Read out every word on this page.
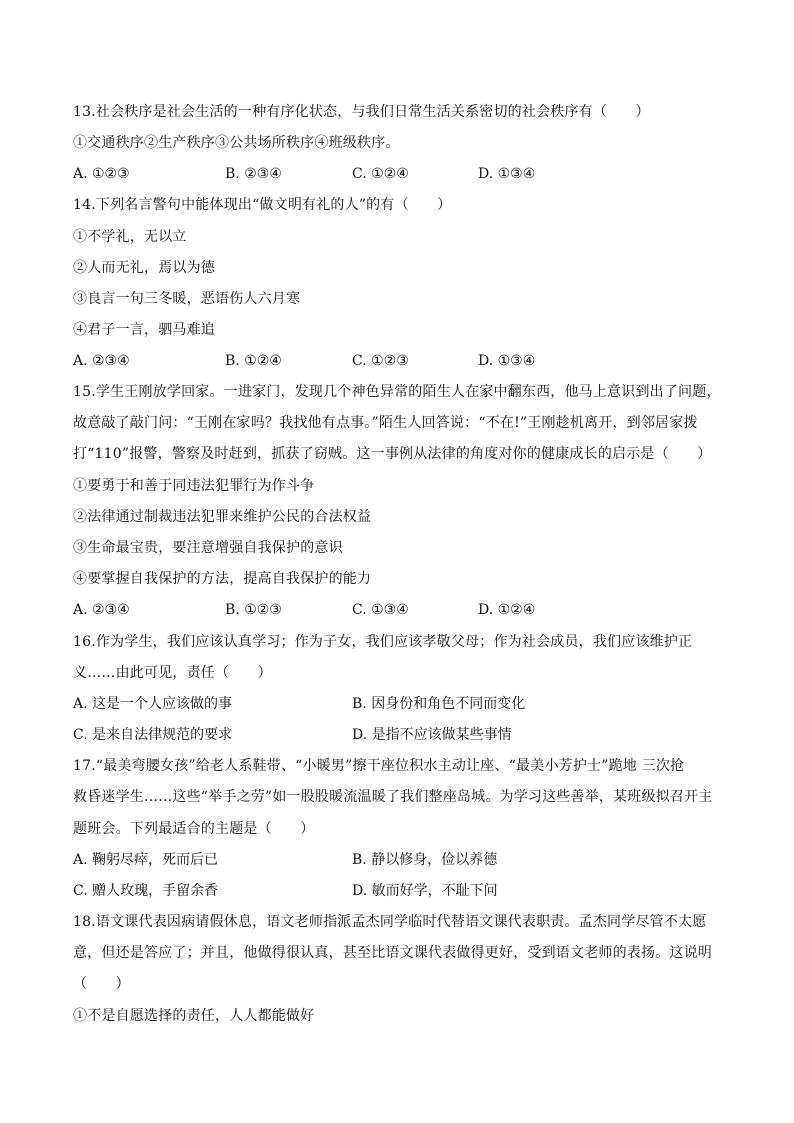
13.社会秩序是社会生活的一种有序化状态，与我们日常生活关系密切的社会秩序有（　　）
①交通秩序②生产秩序③公共场所秩序④班级秩序。
A. ①②③	B. ②③④	C. ①②④	D. ①③④
14.下列名言警句中能体现出“做文明有礼的人”的有（　　）
①不学礼，无以立
②人而无礼，焉以为德
③良言一句三冬暖，恶语伤人六月寒
④君子一言，驷马难追
A. ②③④	B. ①②④	C. ①②③	D. ①③④
15.学生王刚放学回家。一进家门，发现几个神色异常的陌生人在家中翻东西，他马上意识到出了问题，
故意敲了敲门问：“王刚在家吗？我找他有点事。”陌生人回答说：“不在!”王刚趁机离开，到邻居家拨
打“110”报警，警察及时赶到，抓获了窃贼。这一事例从法律的角度对你的健康成长的启示是（　　）
①要勇于和善于同违法犯罪行为作斗争
②法律通过制裁违法犯罪来维护公民的合法权益
③生命最宝贵，要注意增强自我保护的意识
④要掌握自我保护的方法，提高自我保护的能力
A. ②③④	B. ①②③	C. ①③④	D. ①②④
16.作为学生，我们应该认真学习；作为子女，我们应该孝敬父母；作为社会成员，我们应该维护正
义……由此可见，责任（　　）
A. 这是一个人应该做的事	B. 因身份和角色不同而变化
C. 是来自法律规范的要求	D. 是指不应该做某些事情
17.“最美弯腰女孩”给老人系鞋带、“小暖男”擦干座位积水主动让座、“最美小芳护士”跪地 三次抢
救昏迷学生……这些“举手之劳”如一股股暖流温暖了我们整座岛城。为学习这些善举，某班级拟召开主
题班会。下列最适合的主题是（　　）
A. 鞠躬尽瘁，死而后已	B. 静以修身，俭以养德
C. 赠人玫瑰，手留余香	D. 敏而好学，不耻下问
18.语文课代表因病请假休息，语文老师指派孟杰同学临时代替语文课代表职责。孟杰同学尽管不太愿
意，但还是答应了；并且，他做得很认真，甚至比语文课代表做得更好，受到语文老师的表扬。这说明
（　　）
①不是自愿选择的责任，人人都能做好
